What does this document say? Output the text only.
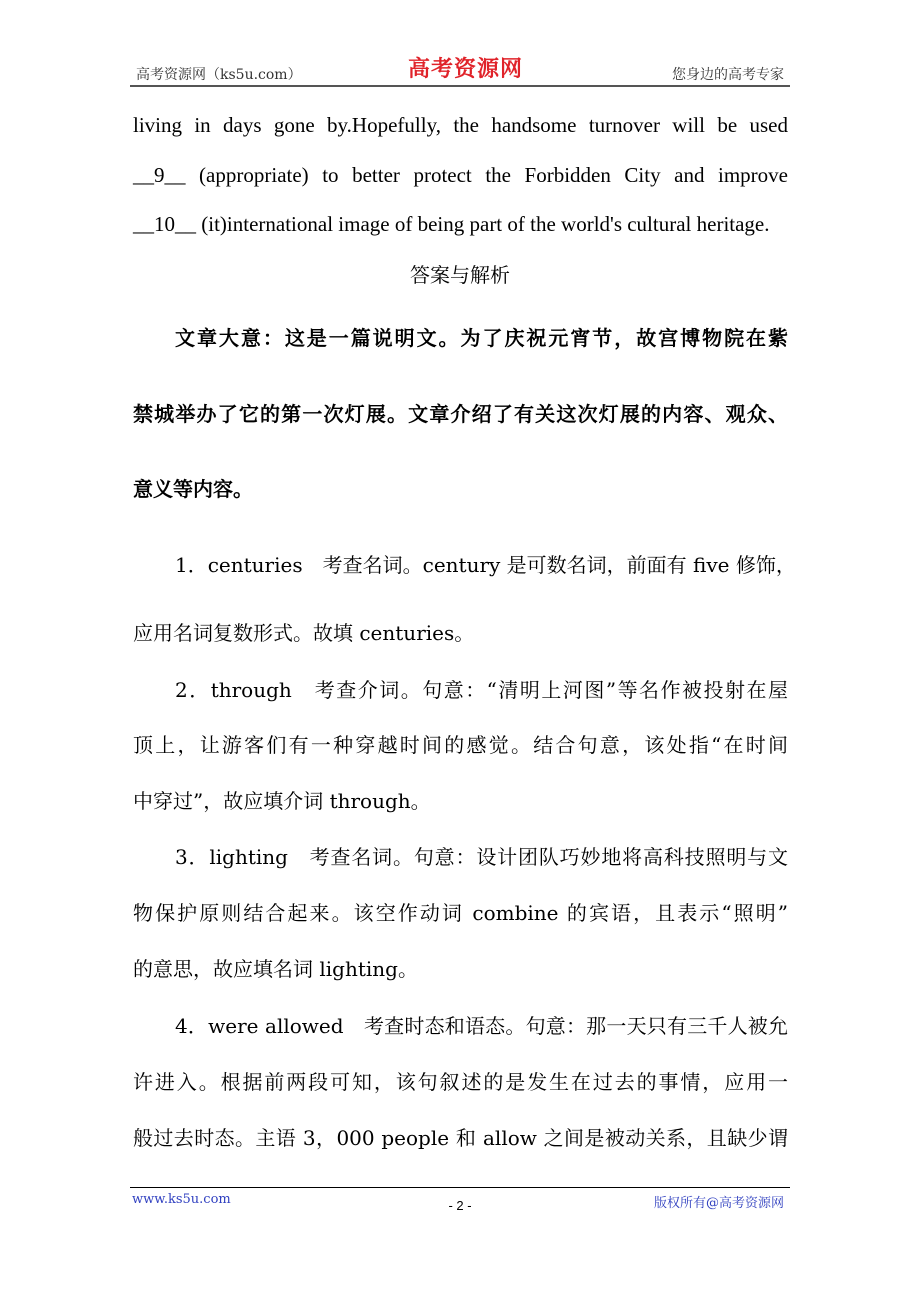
高考资源网（ks5u.com）	高考资源网	您身边的高考专家
living in days gone by.Hopefully, the handsome turnover will be used
__9__ (appropriate) to better protect the Forbidden City and improve
__10__ (it)international image of being part of the world's cultural heritage.
答案与解析
文章大意：这是一篇说明文。为了庆祝元宵节，故宫博物院在紫
禁城举办了它的第一次灯展。文章介绍了有关这次灯展的内容、观众、
意义等内容。
1．centuries　考查名词。century 是可数名词，前面有 five 修饰，
应用名词复数形式。故填 centuries。
2．through　考查介词。句意：“清明上河图”等名作被投射在屋
顶上，让游客们有一种穿越时间的感觉。结合句意，该处指“在时间
中穿过”，故应填介词 through。
3．lighting　考查名词。句意：设计团队巧妙地将高科技照明与文
物保护原则结合起来。该空作动词 combine 的宾语，且表示“照明”
的意思，故应填名词 lighting。
4．were allowed　考查时态和语态。句意：那一天只有三千人被允
许进入。根据前两段可知，该句叙述的是发生在过去的事情，应用一
般过去时态。主语 3，000 people 和 allow 之间是被动关系，且缺少谓
www.ks5u.com	- 2 -	版权所有@高考资源网
